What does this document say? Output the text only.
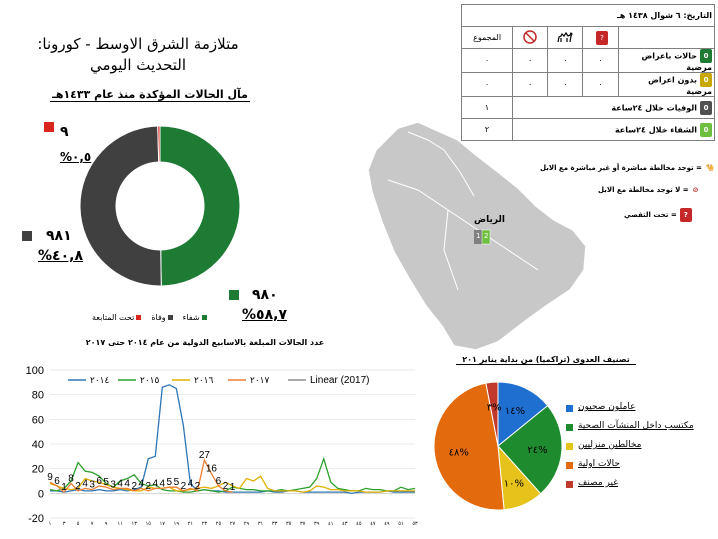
متلازمة الشرق الاوسط - كورونا:
التحديث اليومي
مآل الحالات المؤكدة منذ عام ١٤٣٣هـ
٩
٠,٥%
٩٨١
٤٠,٨%
٩٨٠
٥٨,٧%
شفاء
وفاة
تحت المتابعة
التاريخ: ٦ شوال ١٤٣٨ هـ				
	?			المجموع
0حالات باعراض مرضية	٠	٠	٠	٠
0بدون اعراض مرضية	٠	٠	٠	٠
0الوفيات خلال ٢٤ساعة				١
0الشفاء خلال ٢٤ساعة				٢
الرياض
1 2
🐪= توجد مخالطة مباشرة أو غير مباشرة مع الابل
⊘= لا توجد مخالطة مع الابل
?= تحت التقصي
عدد الحالات المبلغة بالاسابيع الدولية من عام ٢٠١٤ حتى ٢٠١٧
-20
0
20
40
60
80
100
١ ٣ ٥ ٧ ٩ ١١ ١٣ ١٥ ١٧ ١٩ ٢١ ٢٣ ٢٥ ٢٧ ٢٩ ٣١ ٣٣ ٣٥ ٣٧ ٣٩ ٤١ ٤٣ ٤٥ ٤٧ ٤٩ ٥١ ٥٣
9 6
1
8
2 4 3 6 5 3 4 4 2 4 2 4 4 5 5 2 4 2
27
16
6 2 1
٢٠١٤	٢٠١٥	٢٠١٦	٢٠١٧	Linear (2017)
تصنيف العدوى (تراكميا) من بداية يناير ٢٠١
١٤%
٢٤%
١٠%
٤٨%
٣%	عاملون صحيون
مكتسب داخل المنشآت الصحية
مخالطين منزليين
حالات اولية
غير مصنف
